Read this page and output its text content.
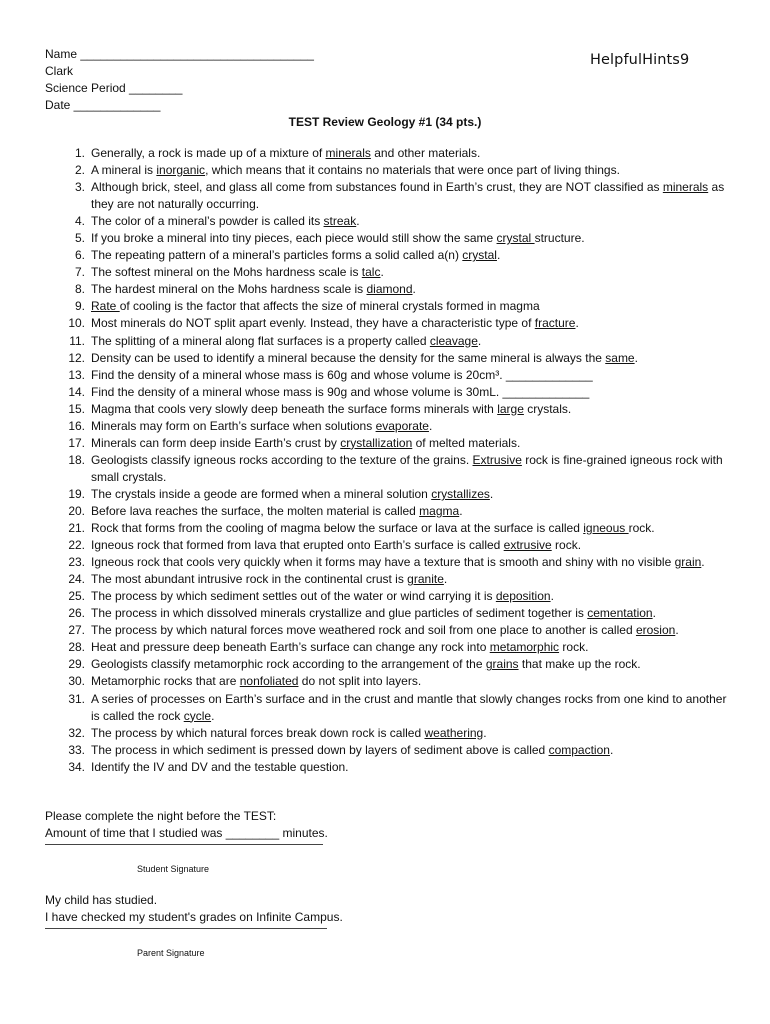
Name ___________________________________
Clark
Science Period ________
Date _____________
HelpfulHints9
TEST Review Geology #1 (34 pts.)
1. Generally, a rock is made up of a mixture of minerals and other materials.
2. A mineral is inorganic, which means that it contains no materials that were once part of living things.
3. Although brick, steel, and glass all come from substances found in Earth’s crust, they are NOT classified as minerals as they are not naturally occurring.
4. The color of a mineral’s powder is called its streak.
5. If you broke a mineral into tiny pieces, each piece would still show the same crystal structure.
6. The repeating pattern of a mineral’s particles forms a solid called a(n) crystal.
7. The softest mineral on the Mohs hardness scale is talc.
8. The hardest mineral on the Mohs hardness scale is diamond.
9. Rate of cooling is the factor that affects the size of mineral crystals formed in magma
10. Most minerals do NOT split apart evenly. Instead, they have a characteristic type of fracture.
11. The splitting of a mineral along flat surfaces is a property called cleavage.
12. Density can be used to identify a mineral because the density for the same mineral is always the same.
13. Find the density of a mineral whose mass is 60g and whose volume is 20cm³. _____________
14. Find the density of a mineral whose mass is 90g and whose volume is 30mL. _____________
15. Magma that cools very slowly deep beneath the surface forms minerals with large crystals.
16. Minerals may form on Earth’s surface when solutions evaporate.
17. Minerals can form deep inside Earth’s crust by crystallization of melted materials.
18. Geologists classify igneous rocks according to the texture of the grains. Extrusive rock is fine-grained igneous rock with small crystals.
19. The crystals inside a geode are formed when a mineral solution crystallizes.
20. Before lava reaches the surface, the molten material is called magma.
21. Rock that forms from the cooling of magma below the surface or lava at the surface is called igneous rock.
22. Igneous rock that formed from lava that erupted onto Earth’s surface is called extrusive rock.
23. Igneous rock that cools very quickly when it forms may have a texture that is smooth and shiny with no visible grain.
24. The most abundant intrusive rock in the continental crust is granite.
25. The process by which sediment settles out of the water or wind carrying it is deposition.
26. The process in which dissolved minerals crystallize and glue particles of sediment together is cementation.
27. The process by which natural forces move weathered rock and soil from one place to another is called erosion.
28. Heat and pressure deep beneath Earth’s surface can change any rock into metamorphic rock.
29. Geologists classify metamorphic rock according to the arrangement of the grains that make up the rock.
30. Metamorphic rocks that are nonfoliated do not split into layers.
31. A series of processes on Earth’s surface and in the crust and mantle that slowly changes rocks from one kind to another is called the rock cycle.
32. The process by which natural forces break down rock is called weathering.
33. The process in which sediment is pressed down by layers of sediment above is called compaction.
34. Identify the IV and DV and the testable question.
Please complete the night before the TEST:
Amount of time that I studied was ________ minutes.
Student Signature
My child has studied.
I have checked my student's grades on Infinite Campus.
Parent Signature
